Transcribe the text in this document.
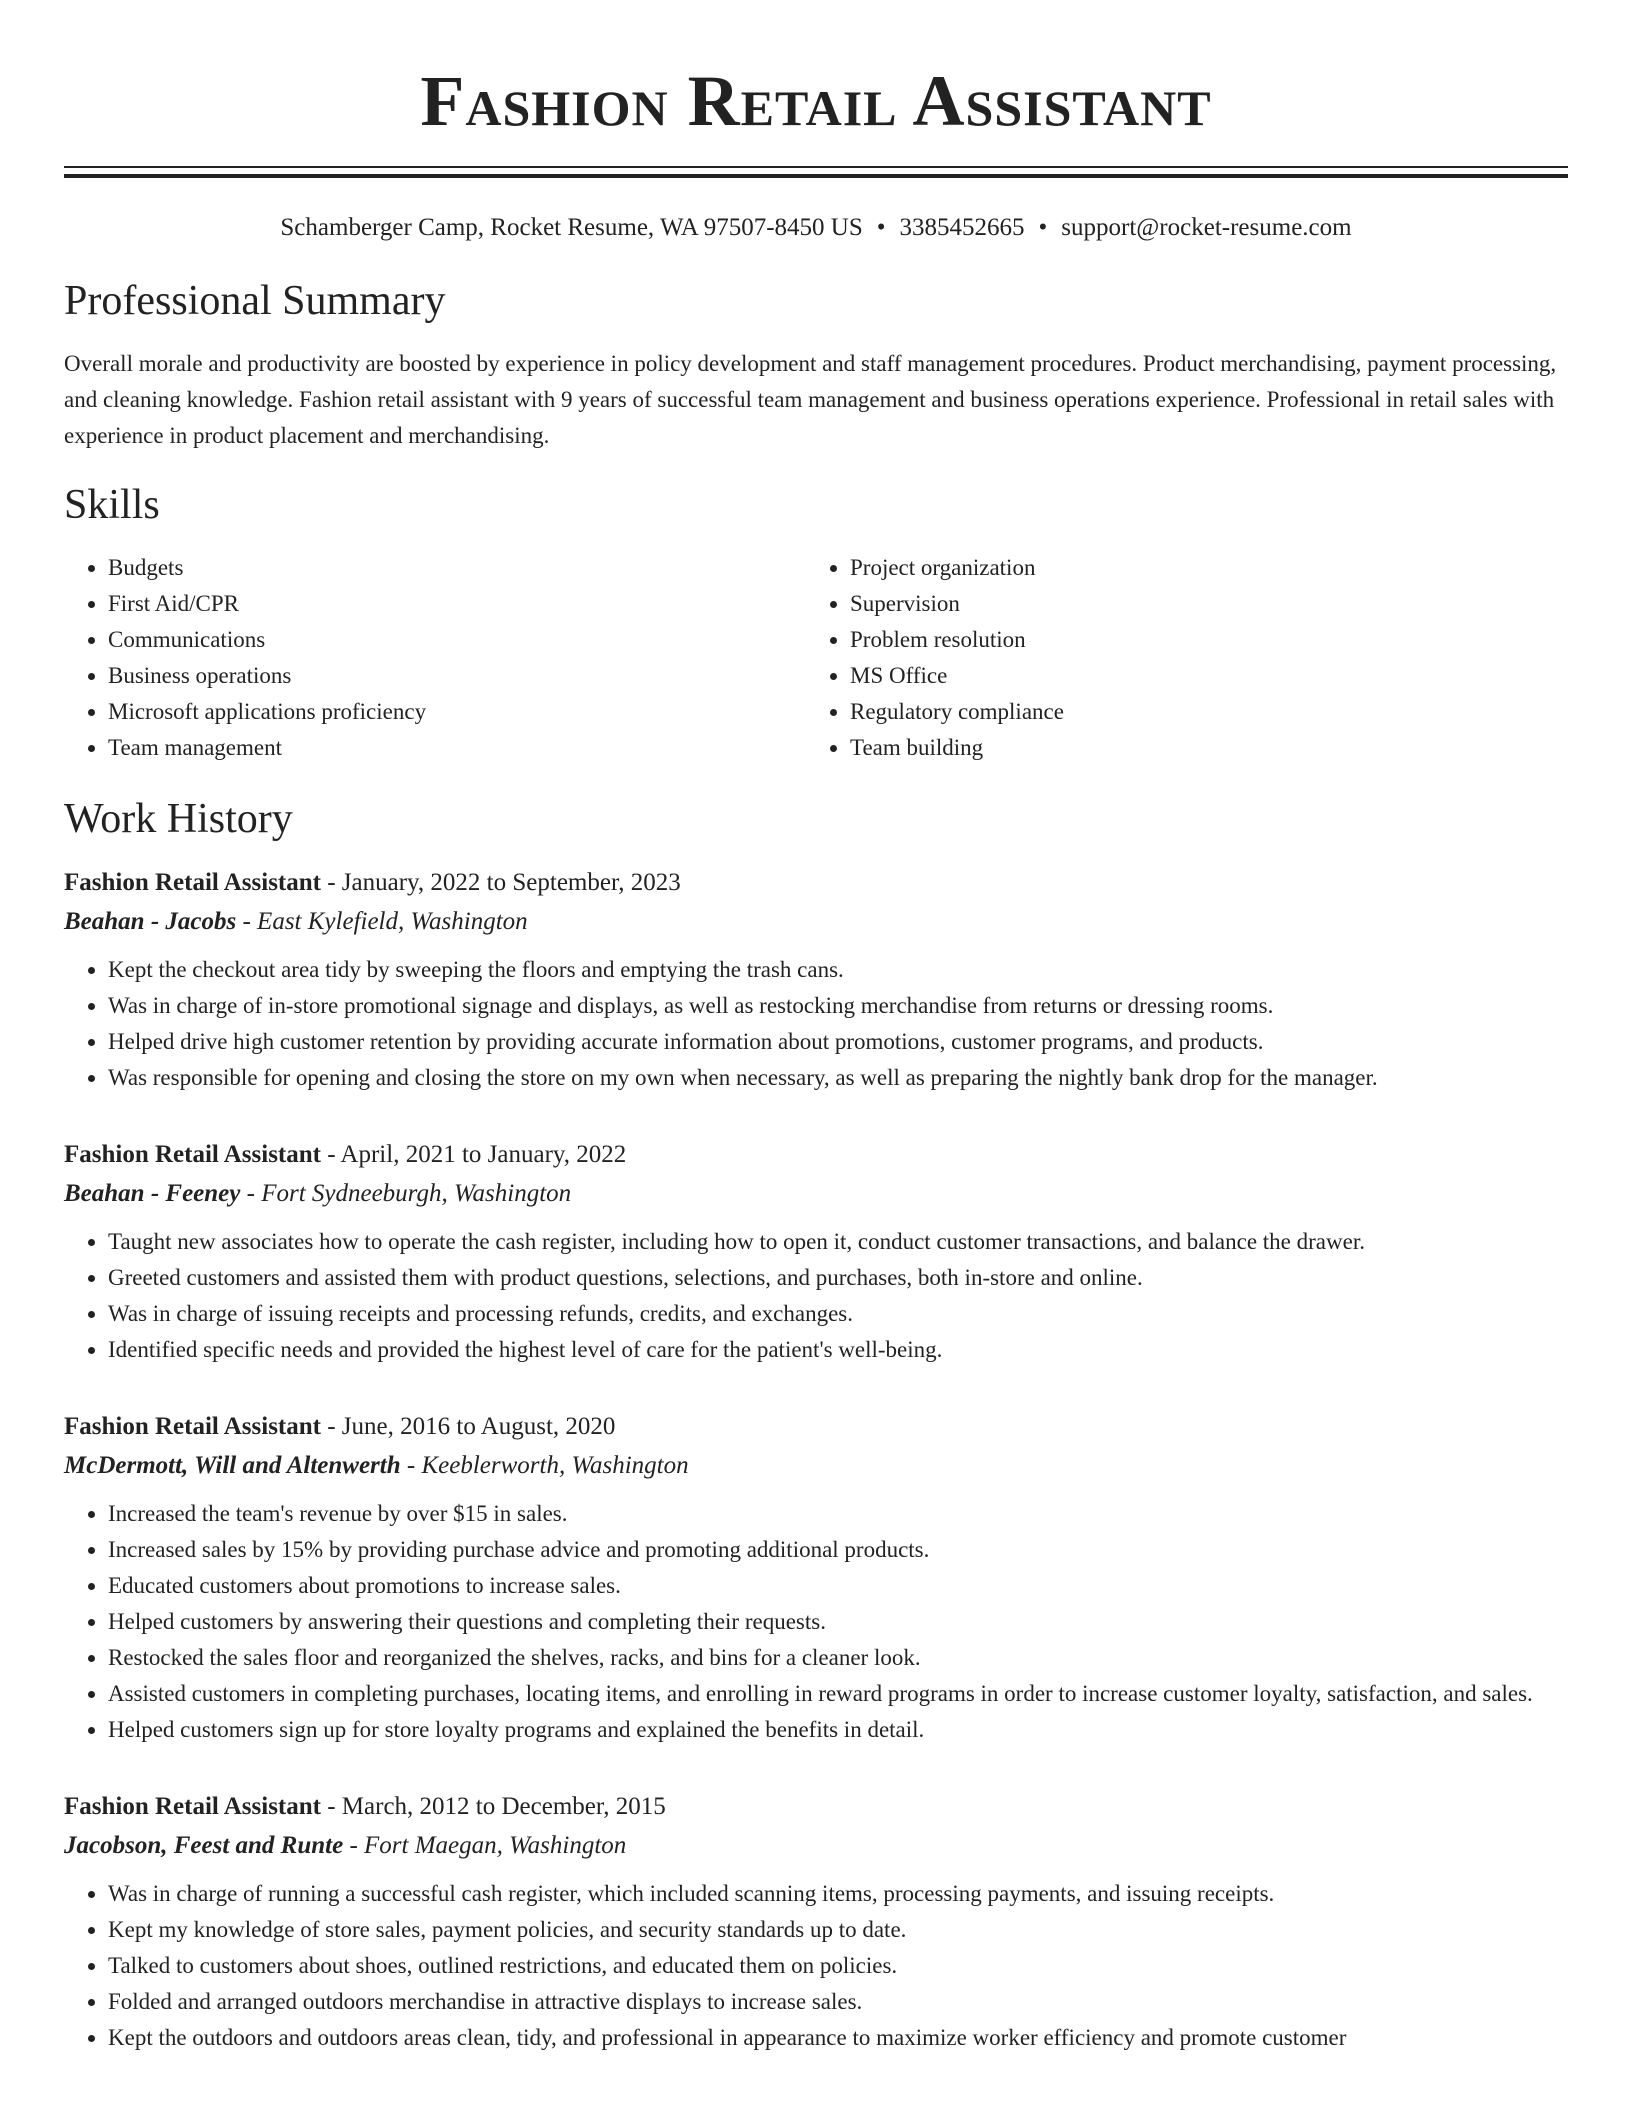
Fashion Retail Assistant
Schamberger Camp, Rocket Resume, WA 97507-8450 US • 3385452665 • support@rocket-resume.com
Professional Summary

Overall morale and productivity are boosted by experience in policy development and staff management procedures. Product merchandising, payment processing, and cleaning knowledge. Fashion retail assistant with 9 years of successful team management and business operations experience. Professional in retail sales with experience in product placement and merchandising.

Skills
• Budgets
• First Aid/CPR
• Communications
• Business operations
• Microsoft applications proficiency
• Team management
• Project organization
• Supervision
• Problem resolution
• MS Office
• Regulatory compliance
• Team building
Work History
Fashion Retail Assistant - January, 2022 to September, 2023
Beahan - Jacobs - East Kylefield, Washington
• Kept the checkout area tidy by sweeping the floors and emptying the trash cans.
• Was in charge of in-store promotional signage and displays, as well as restocking merchandise from returns or dressing rooms.
• Helped drive high customer retention by providing accurate information about promotions, customer programs, and products.
• Was responsible for opening and closing the store on my own when necessary, as well as preparing the nightly bank drop for the manager.
Fashion Retail Assistant - April, 2021 to January, 2022
Beahan - Feeney - Fort Sydneeburgh, Washington
• Taught new associates how to operate the cash register, including how to open it, conduct customer transactions, and balance the drawer.
• Greeted customers and assisted them with product questions, selections, and purchases, both in-store and online.
• Was in charge of issuing receipts and processing refunds, credits, and exchanges.
• Identified specific needs and provided the highest level of care for the patient's well-being.
Fashion Retail Assistant - June, 2016 to August, 2020
McDermott, Will and Altenwerth - Keeblerworth, Washington
• Increased the team's revenue by over $15 in sales.
• Increased sales by 15% by providing purchase advice and promoting additional products.
• Educated customers about promotions to increase sales.
• Helped customers by answering their questions and completing their requests.
• Restocked the sales floor and reorganized the shelves, racks, and bins for a cleaner look.
• Assisted customers in completing purchases, locating items, and enrolling in reward programs in order to increase customer loyalty, satisfaction, and sales.
• Helped customers sign up for store loyalty programs and explained the benefits in detail.
Fashion Retail Assistant - March, 2012 to December, 2015
Jacobson, Feest and Runte - Fort Maegan, Washington
• Was in charge of running a successful cash register, which included scanning items, processing payments, and issuing receipts.
• Kept my knowledge of store sales, payment policies, and security standards up to date.
• Talked to customers about shoes, outlined restrictions, and educated them on policies.
• Folded and arranged outdoors merchandise in attractive displays to increase sales.
• Kept the outdoors and outdoors areas clean, tidy, and professional in appearance to maximize worker efficiency and promote customer
